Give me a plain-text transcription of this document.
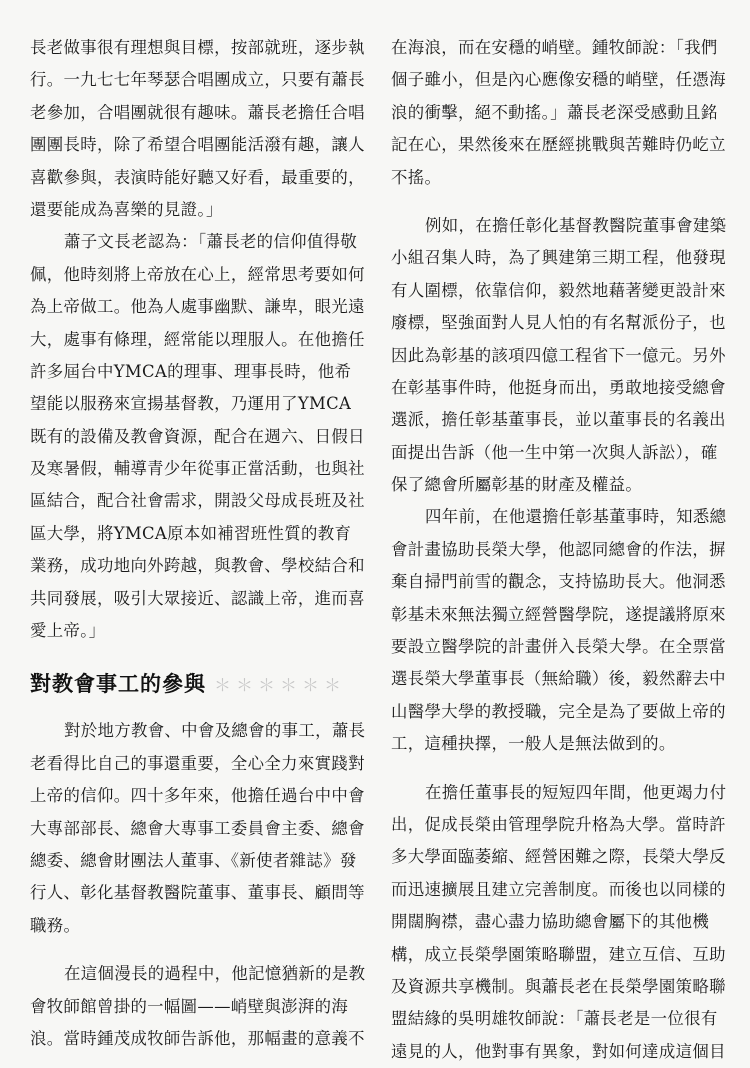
長老做事很有理想與目標，按部就班，逐步執
行。一九七七年琴瑟合唱團成立，只要有蕭長
老參加，合唱團就很有趣味。蕭長老擔任合唱
團團長時，除了希望合唱團能活潑有趣，讓人
喜歡參與，表演時能好聽又好看，最重要的，
還要能成為喜樂的見證。」
蕭子文長老認為：「蕭長老的信仰值得敬
佩，他時刻將上帝放在心上，經常思考要如何
為上帝做工。他為人處事幽默、謙卑，眼光遠
大，處事有條理，經常能以理服人。在他擔任
許多屆台中YMCA的理事、理事長時，他希
望能以服務來宣揚基督教，乃運用了YMCA
既有的設備及教會資源，配合在週六、日假日
及寒暑假，輔導青少年從事正當活動，也與社
區結合，配合社會需求，開設父母成長班及社
區大學，將YMCA原本如補習班性質的教育
業務，成功地向外跨越，與教會、學校結合和
共同發展，吸引大眾接近、認識上帝，進而喜
愛上帝。」
對教會事工的參與 ＊＊＊＊＊＊
對於地方教會、中會及總會的事工，蕭長
老看得比自己的事還重要，全心全力來實踐對
上帝的信仰。四十多年來，他擔任過台中中會
大專部部長、總會大專事工委員會主委、總會
總委、總會財團法人董事、《新使者雜誌》發
行人、彰化基督教醫院董事、董事長、顧問等
職務。
在這個漫長的過程中，他記憶猶新的是教
會牧師館曾掛的一幅圖——峭壁與澎湃的海
浪。當時鍾茂成牧師告訴他，那幅畫的意義不
在海浪，而在安穩的峭壁。鍾牧師說：「我們
個子雖小，但是內心應像安穩的峭壁，任憑海
浪的衝擊，絕不動搖。」蕭長老深受感動且銘
記在心，果然後來在歷經挑戰與苦難時仍屹立
不搖。
例如，在擔任彰化基督教醫院董事會建築
小組召集人時，為了興建第三期工程，他發現
有人圍標，依靠信仰，毅然地藉著變更設計來
廢標，堅強面對人見人怕的有名幫派份子，也
因此為彰基的該項四億工程省下一億元。另外
在彰基事件時，他挺身而出，勇敢地接受總會
選派，擔任彰基董事長，並以董事長的名義出
面提出告訴（他一生中第一次與人訴訟），確
保了總會所屬彰基的財產及權益。
四年前，在他還擔任彰基董事時，知悉總
會計畫協助長榮大學，他認同總會的作法，摒
棄自掃門前雪的觀念，支持協助長大。他洞悉
彰基未來無法獨立經營醫學院，遂提議將原來
要設立醫學院的計畫併入長榮大學。在全票當
選長榮大學董事長（無給職）後，毅然辭去中
山醫學大學的教授職，完全是為了要做上帝的
工，這種抉擇，一般人是無法做到的。
在擔任董事長的短短四年間，他更竭力付
出，促成長榮由管理學院升格為大學。當時許
多大學面臨萎縮、經營困難之際，長榮大學反
而迅速擴展且建立完善制度。而後也以同樣的
開闊胸襟，盡心盡力協助總會屬下的其他機
構，成立長榮學園策略聯盟，建立互信、互助
及資源共享機制。與蕭長老在長榮學園策略聯
盟結緣的吳明雄牧師說：「蕭長老是一位很有
遠見的人，他對事有異象，對如何達成這個目
